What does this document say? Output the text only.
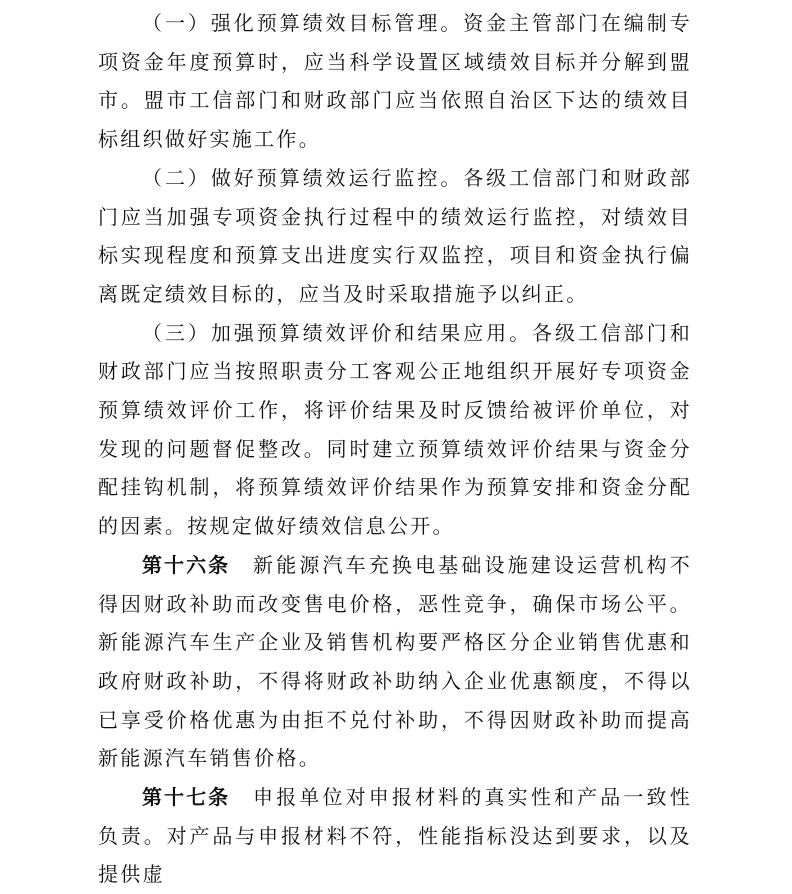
（一）强化预算绩效目标管理。资金主管部门在编制专项资金年度预算时，应当科学设置区域绩效目标并分解到盟市。盟市工信部门和财政部门应当依照自治区下达的绩效目标组织做好实施工作。

（二）做好预算绩效运行监控。各级工信部门和财政部门应当加强专项资金执行过程中的绩效运行监控，对绩效目标实现程度和预算支出进度实行双监控，项目和资金执行偏离既定绩效目标的，应当及时采取措施予以纠正。

（三）加强预算绩效评价和结果应用。各级工信部门和财政部门应当按照职责分工客观公正地组织开展好专项资金预算绩效评价工作，将评价结果及时反馈给被评价单位，对发现的问题督促整改。同时建立预算绩效评价结果与资金分配挂钩机制，将预算绩效评价结果作为预算安排和资金分配的因素。按规定做好绩效信息公开。

第十六条 新能源汽车充换电基础设施建设运营机构不得因财政补助而改变售电价格，恶性竞争，确保市场公平。新能源汽车生产企业及销售机构要严格区分企业销售优惠和政府财政补助，不得将财政补助纳入企业优惠额度，不得以已享受价格优惠为由拒不兑付补助，不得因财政补助而提高新能源汽车销售价格。

第十七条 申报单位对申报材料的真实性和产品一致性负责。对产品与申报材料不符，性能指标没达到要求，以及提供虚
